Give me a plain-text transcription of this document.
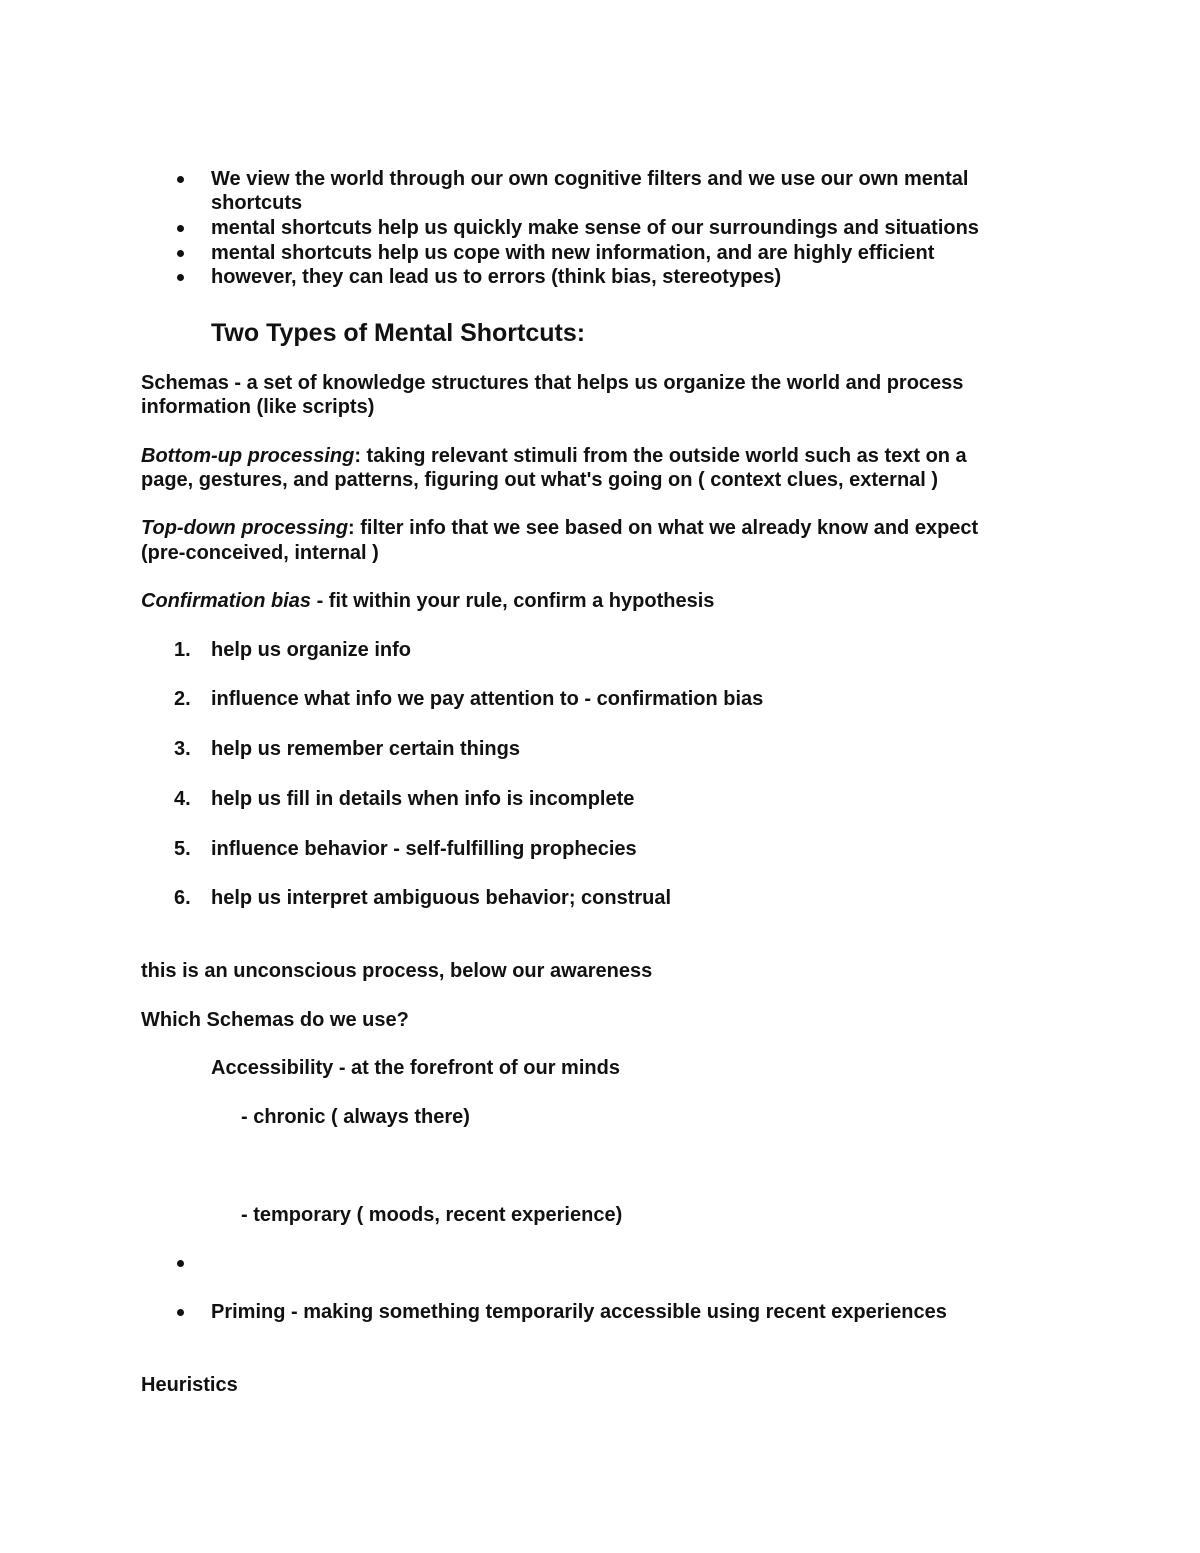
We view the world through our own cognitive filters and we use our own mental
shortcuts
mental shortcuts help us quickly make sense of our surroundings and situations
mental shortcuts help us cope with new information, and are highly efficient
however, they can lead us to errors (think bias, stereotypes)
Two Types of Mental Shortcuts:
Schemas - a set of knowledge structures that helps us organize the world and process
information (like scripts)
Bottom-up processing: taking relevant stimuli from the outside world such as text on a
page, gestures, and patterns, figuring out what's going on ( context clues, external )
Top-down processing: filter info that we see based on what we already know and expect
(pre-conceived, internal )
Confirmation bias - fit within your rule, confirm a hypothesis
1. help us organize info
2. influence what info we pay attention to - confirmation bias
3. help us remember certain things
4. help us fill in details when info is incomplete
5. influence behavior - self-fulfilling prophecies
6. help us interpret ambiguous behavior; construal
this is an unconscious process, below our awareness
Which Schemas do we use?
Accessibility - at the forefront of our minds
- chronic ( always there)
- temporary ( moods, recent experience)
Priming - making something temporarily accessible using recent experiences
Heuristics
